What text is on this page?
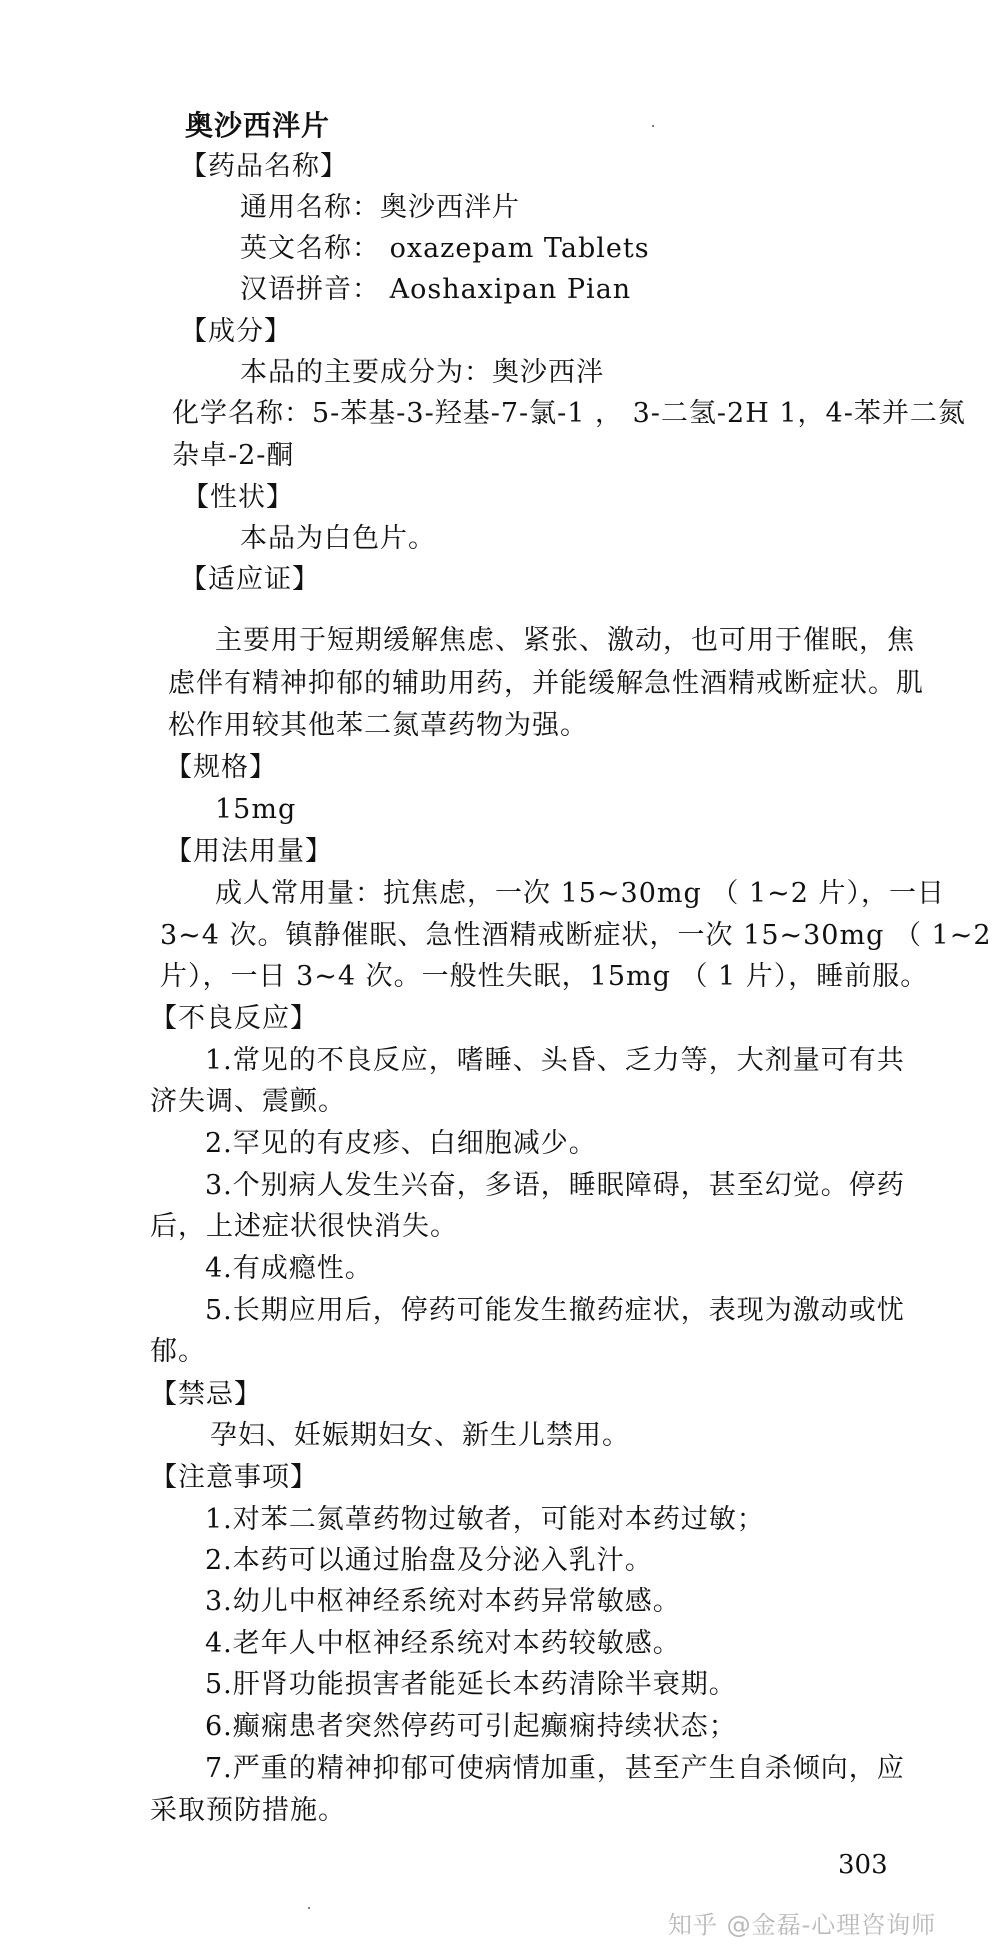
奥沙西泮片
【药品名称】
通用名称：奥沙西泮片
英文名称： oxazepam Tablets
汉语拼音： Aoshaxipan Pian
【成分】
本品的主要成分为：奥沙西泮
化学名称：5-苯基-3-羟基-7-氯-1 ， 3-二氢-2H 1，4-苯并二氮
杂卓-2-酮
【性状】
本品为白色片。
【适应证】
主要用于短期缓解焦虑、紧张、激动，也可用于催眠，焦
虑伴有精神抑郁的辅助用药，并能缓解急性酒精戒断症状。肌
松作用较其他苯二氮䓬药物为强。
【规格】
15mg
【用法用量】
成人常用量：抗焦虑，一次 15~30mg （ 1~2 片），一日
3~4 次。镇静催眠、急性酒精戒断症状，一次 15~30mg （ 1~2
片），一日 3~4 次。一般性失眠，15mg （ 1 片），睡前服。
【不良反应】
1.常见的不良反应，嗜睡、头昏、乏力等，大剂量可有共
济失调、震颤。
2.罕见的有皮疹、白细胞减少。
3.个别病人发生兴奋，多语，睡眠障碍，甚至幻觉。停药
后，上述症状很快消失。
4.有成瘾性。
5.长期应用后，停药可能发生撤药症状，表现为激动或忧
郁。
【禁忌】
孕妇、妊娠期妇女、新生儿禁用。
【注意事项】
1.对苯二氮䓬药物过敏者，可能对本药过敏；
2.本药可以通过胎盘及分泌入乳汁。
3.幼儿中枢神经系统对本药异常敏感。
4.老年人中枢神经系统对本药较敏感。
5.肝肾功能损害者能延长本药清除半衰期。
6.癫痫患者突然停药可引起癫痫持续状态；
7.严重的精神抑郁可使病情加重，甚至产生自杀倾向，应
采取预防措施。
303
知乎 @金磊-心理咨询师
